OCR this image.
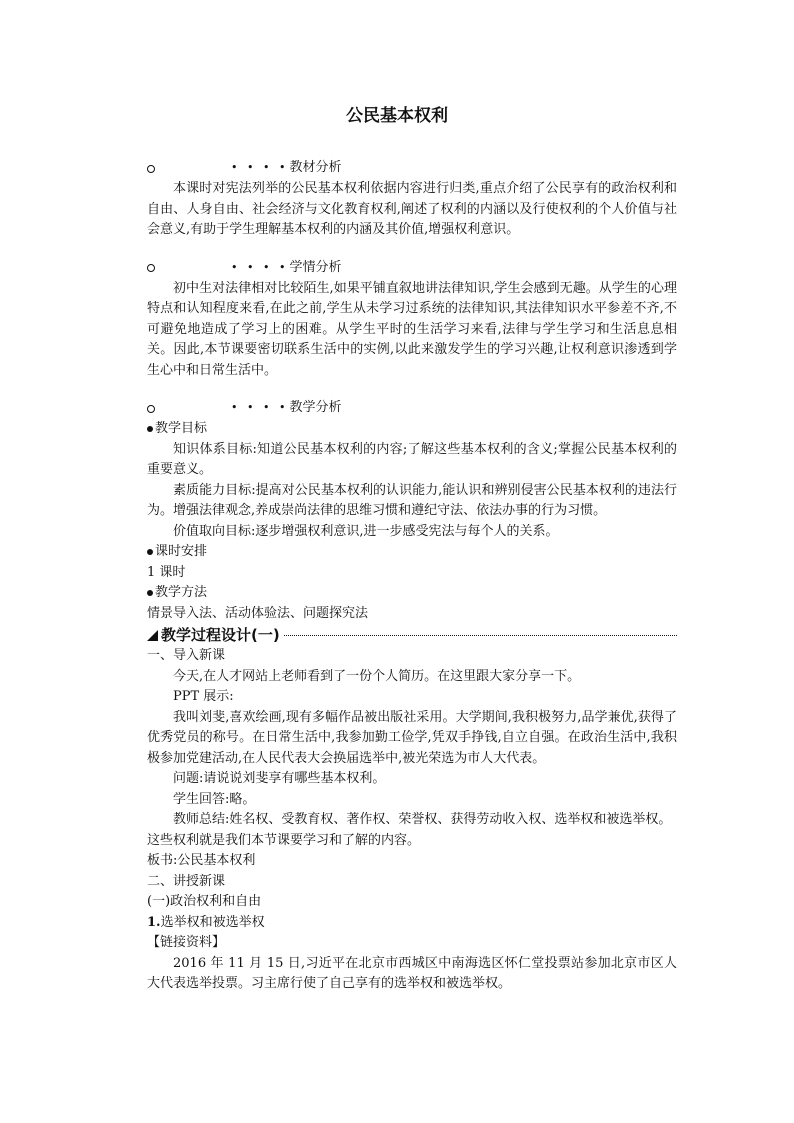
公民基本权利
• • • • 教材分析

本课时对宪法列举的公民基本权利依据内容进行归类,重点介绍了公民享有的政治权利和自由、人身自由、社会经济与文化教育权利,阐述了权利的内涵以及行使权利的个人价值与社会意义,有助于学生理解基本权利的内涵及其价值,增强权利意识。

• • • • 学情分析

初中生对法律相对比较陌生,如果平铺直叙地讲法律知识,学生会感到无趣。从学生的心理特点和认知程度来看,在此之前,学生从未学习过系统的法律知识,其法律知识水平参差不齐,不可避免地造成了学习上的困难。从学生平时的生活学习来看,法律与学生学习和生活息息相关。因此,本节课要密切联系生活中的实例,以此来激发学生的学习兴趣,让权利意识渗透到学生心中和日常生活中。

• • • • 教学分析
教学目标

知识体系目标:知道公民基本权利的内容;了解这些基本权利的含义;掌握公民基本权利的重要意义。

素质能力目标:提高对公民基本权利的认识能力,能认识和辨别侵害公民基本权利的违法行为。增强法律观念,养成崇尚法律的思维习惯和遵纪守法、依法办事的行为习惯。

价值取向目标:逐步增强权利意识,进一步感受宪法与每个人的关系。

课时安排

1 课时

教学方法

情景导入法、活动体验法、问题探究法

教学过程设计(一)

一、导入新课

今天,在人才网站上老师看到了一份个人简历。在这里跟大家分享一下。

PPT 展示:

我叫刘斐,喜欢绘画,现有多幅作品被出版社采用。大学期间,我积极努力,品学兼优,获得了优秀党员的称号。在日常生活中,我参加勤工俭学,凭双手挣钱,自立自强。在政治生活中,我积极参加党建活动,在人民代表大会换届选举中,被光荣选为市人大代表。

问题:请说说刘斐享有哪些基本权利。

学生回答:略。

教师总结:姓名权、受教育权、著作权、荣誉权、获得劳动收入权、选举权和被选举权。

这些权利就是我们本节课要学习和了解的内容。

板书:公民基本权利

二、讲授新课

(一)政治权利和自由

1.选举权和被选举权

【链接资料】

2016 年 11 月 15 日,习近平在北京市西城区中南海选区怀仁堂投票站参加北京市区人大代表选举投票。习主席行使了自己享有的选举权和被选举权。
